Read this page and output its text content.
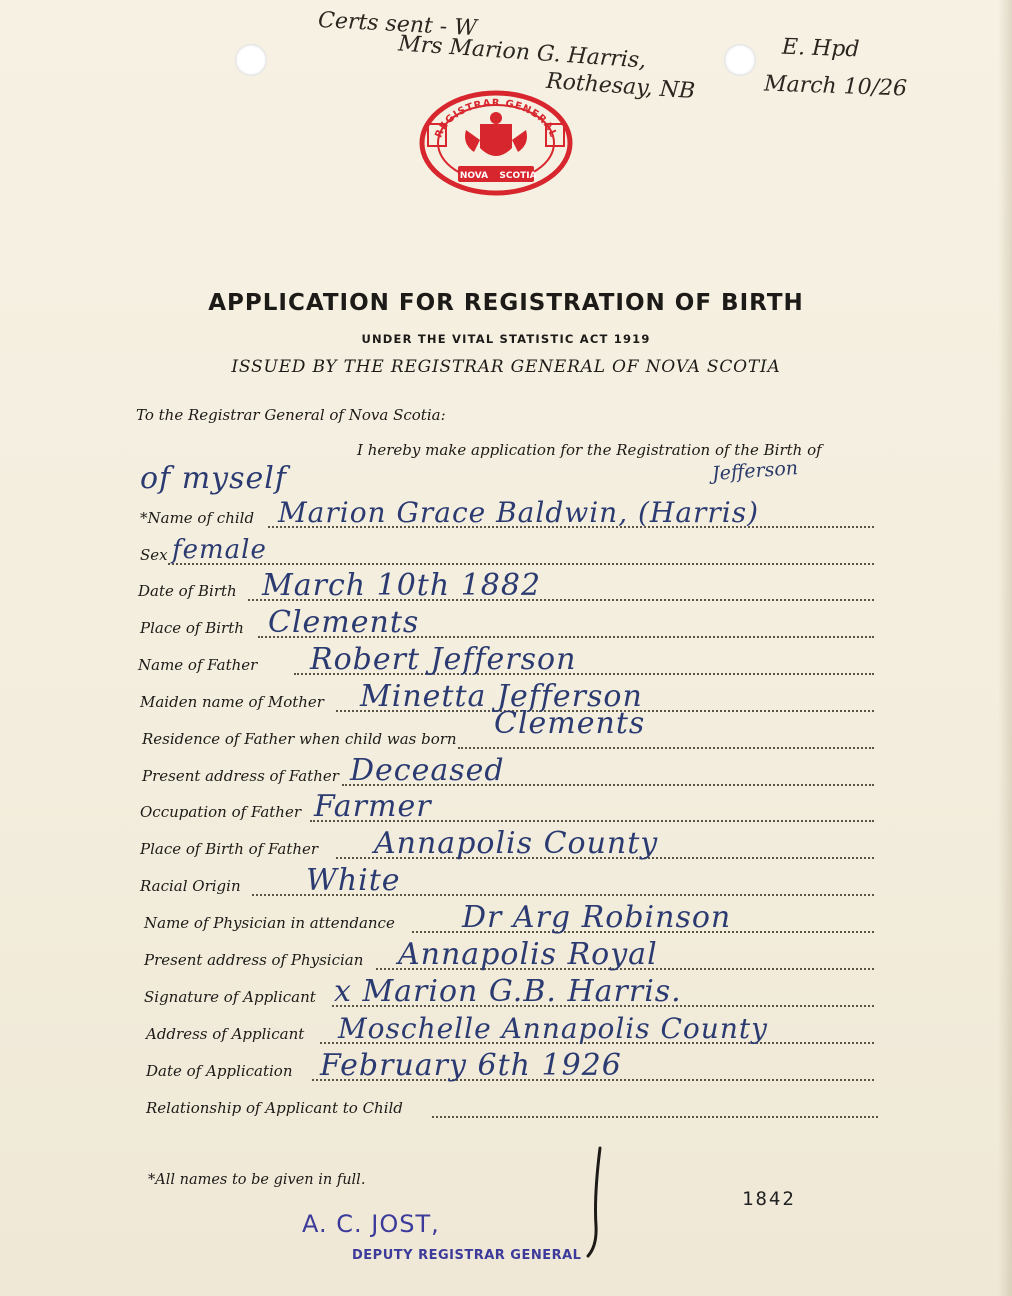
Certs sent - W
Mrs Marion G. Harris,
Rothesay, NB
E. Hpd
March 10/26
REGISTRAR GENERAL
NOVA SCOTIA
APPLICATION FOR REGISTRATION OF BIRTH
UNDER THE VITAL STATISTIC ACT 1919
ISSUED BY THE REGISTRAR GENERAL OF NOVA SCOTIA
To the Registrar General of Nova Scotia:
I hereby make application for the Registration of the Birth of
of myself	Jefferson
*Name of child Marion Grace Baldwin, (Harris)
Sex female
Date of Birth March 10th 1882
Place of Birth Clements
Name of Father Robert Jefferson
Maiden name of Mother Minetta Jefferson
Residence of Father when child was born Clements
Present address of Father Deceased
Occupation of Father Farmer
Place of Birth of Father Annapolis County
Racial Origin White
Name of Physician in attendance Dr Arg Robinson
Present address of Physician Annapolis Royal
Signature of Applicant x Marion G.B. Harris.
Address of Applicant Moschelle Annapolis County
Date of Application February 6th 1926
Relationship of Applicant to Child
*All names to be given in full.
1842
A. C. JOST,
DEPUTY REGISTRAR GENERAL
